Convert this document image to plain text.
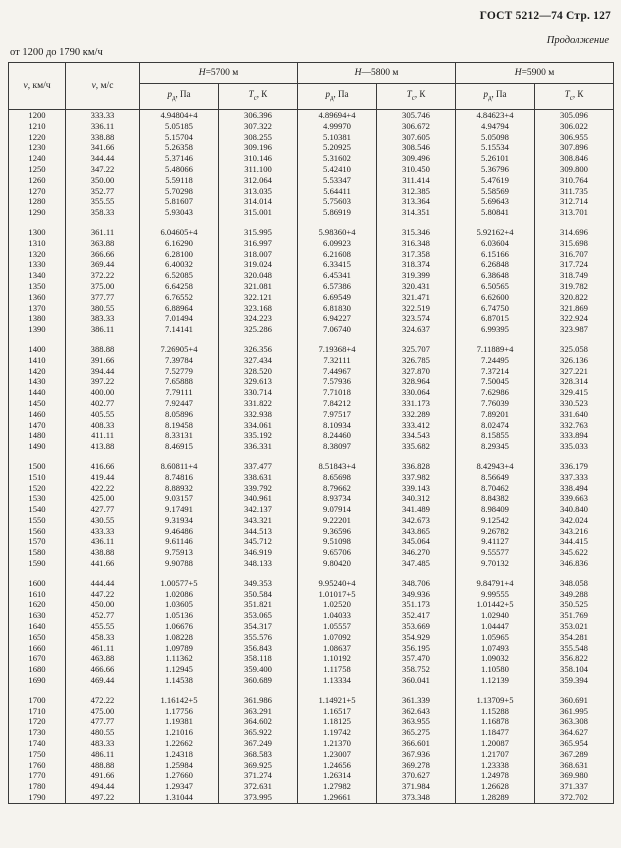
ГОСТ 5212—74 Стр. 127
Продолжение
от 1200 до 1790 км/ч
v, км/ч	v, м/с	Н=5700 м		Н—5800 м		Н=5900 м	
		$p_д$, Па	$T_с$, К	$p_д$, Па	$T_с$, К	$p_д$, Па	$T_с$, К
1200	333.33	4.94804+4	306.396	4.89694+4	305.746	4.84623+4	305.096
1210	336.11	5.05185	307.322	4.99970	306.672	4.94794	306.022
1220	338.88	5.15704	308.255	5.10381	307.605	5.05098	306.955
1230	341.66	5.26358	309.196	5.20925	308.546	5.15534	307.896
1240	344.44	5.37146	310.146	5.31602	309.496	5.26101	308.846
1250	347.22	5.48066	311.100	5.42410	310.450	5.36796	309.800
1260	350.00	5.59118	312.064	5.53347	311.414	5.47619	310.764
1270	352.77	5.70298	313.035	5.64411	312.385	5.58569	311.735
1280	355.55	5.81607	314.014	5.75603	313.364	5.69643	312.714
1290	358.33	5.93043	315.001	5.86919	314.351	5.80841	313.701
1300	361.11	6.04605+4	315.995	5.98360+4	315.346	5.92162+4	314.696
1310	363.88	6.16290	316.997	6.09923	316.348	6.03604	315.698
1320	366.66	6.28100	318.007	6.21608	317.358	6.15166	316.707
1330	369.44	6.40032	319.024	6.33415	318.374	6.26848	317.724
1340	372.22	6.52085	320.048	6.45341	319.399	6.38648	318.749
1350	375.00	6.64258	321.081	6.57386	320.431	6.50565	319.782
1360	377.77	6.76552	322.121	6.69549	321.471	6.62600	320.822
1370	380.55	6.88964	323.168	6.81830	322.519	6.74750	321.869
1380	383.33	7.01494	324.223	6.94227	323.574	6.87015	322.924
1390	386.11	7.14141	325.286	7.06740	324.637	6.99395	323.987
1400	388.88	7.26905+4	326.356	7.19368+4	325.707	7.11889+4	325.058
1410	391.66	7.39784	327.434	7.32111	326.785	7.24495	326.136
1420	394.44	7.52779	328.520	7.44967	327.870	7.37214	327.221
1430	397.22	7.65888	329.613	7.57936	328.964	7.50045	328.314
1440	400.00	7.79111	330.714	7.71018	330.064	7.62986	329.415
1450	402.77	7.92447	331.822	7.84212	331.173	7.76039	330.523
1460	405.55	8.05896	332.938	7.97517	332.289	7.89201	331.640
1470	408.33	8.19458	334.061	8.10934	333.412	8.02474	332.763
1480	411.11	8.33131	335.192	8.24460	334.543	8.15855	333.894
1490	413.88	8.46915	336.331	8.38097	335.682	8.29345	335.033
1500	416.66	8.60811+4	337.477	8.51843+4	336.828	8.42943+4	336.179
1510	419.44	8.74816	338.631	8.65698	337.982	8.56649	337.333
1520	422.22	8.88932	339.792	8.79662	339.143	8.70462	338.494
1530	425.00	9.03157	340.961	8.93734	340.312	8.84382	339.663
1540	427.77	9.17491	342.137	9.07914	341.489	8.98409	340.840
1550	430.55	9.31934	343.321	9.22201	342.673	9.12542	342.024
1560	433.33	9.46486	344.513	9.36596	343.865	9.26782	343.216
1570	436.11	9.61146	345.712	9.51098	345.064	9.41127	344.415
1580	438.88	9.75913	346.919	9.65706	346.270	9.55577	345.622
1590	441.66	9.90788	348.133	9.80420	347.485	9.70132	346.836
1600	444.44	1.00577+5	349.353	9.95240+4	348.706	9.84791+4	348.058
1610	447.22	1.02086	350.584	1.01017+5	349.936	9.99555	349.288
1620	450.00	1.03605	351.821	1.02520	351.173	1.01442+5	350.525
1630	452.77	1.05136	353.065	1.04033	352.417	1.02940	351.769
1640	455.55	1.06676	354.317	1.05557	353.669	1.04447	353.021
1650	458.33	1.08228	355.576	1.07092	354.929	1.05965	354.281
1660	461.11	1.09789	356.843	1.08637	356.195	1.07493	355.548
1670	463.88	1.11362	358.118	1.10192	357.470	1.09032	356.822
1680	466.66	1.12945	359.400	1.11758	358.752	1.10580	358.104
1690	469.44	1.14538	360.689	1.13334	360.041	1.12139	359.394
1700	472.22	1.16142+5	361.986	1.14921+5	361.339	1.13709+5	360.691
1710	475.00	1.17756	363.291	1.16517	362.643	1.15288	361.995
1720	477.77	1.19381	364.602	1.18125	363.955	1.16878	363.308
1730	480.55	1.21016	365.922	1.19742	365.275	1.18477	364.627
1740	483.33	1.22662	367.249	1.21370	366.601	1.20087	365.954
1750	486.11	1.24318	368.583	1.23007	367.936	1.21707	367.289
1760	488.88	1.25984	369.925	1.24656	369.278	1.23338	368.631
1770	491.66	1.27660	371.274	1.26314	370.627	1.24978	369.980
1780	494.44	1.29347	372.631	1.27982	371.984	1.26628	371.337
1790	497.22	1.31044	373.995	1.29661	373.348	1.28289	372.702
